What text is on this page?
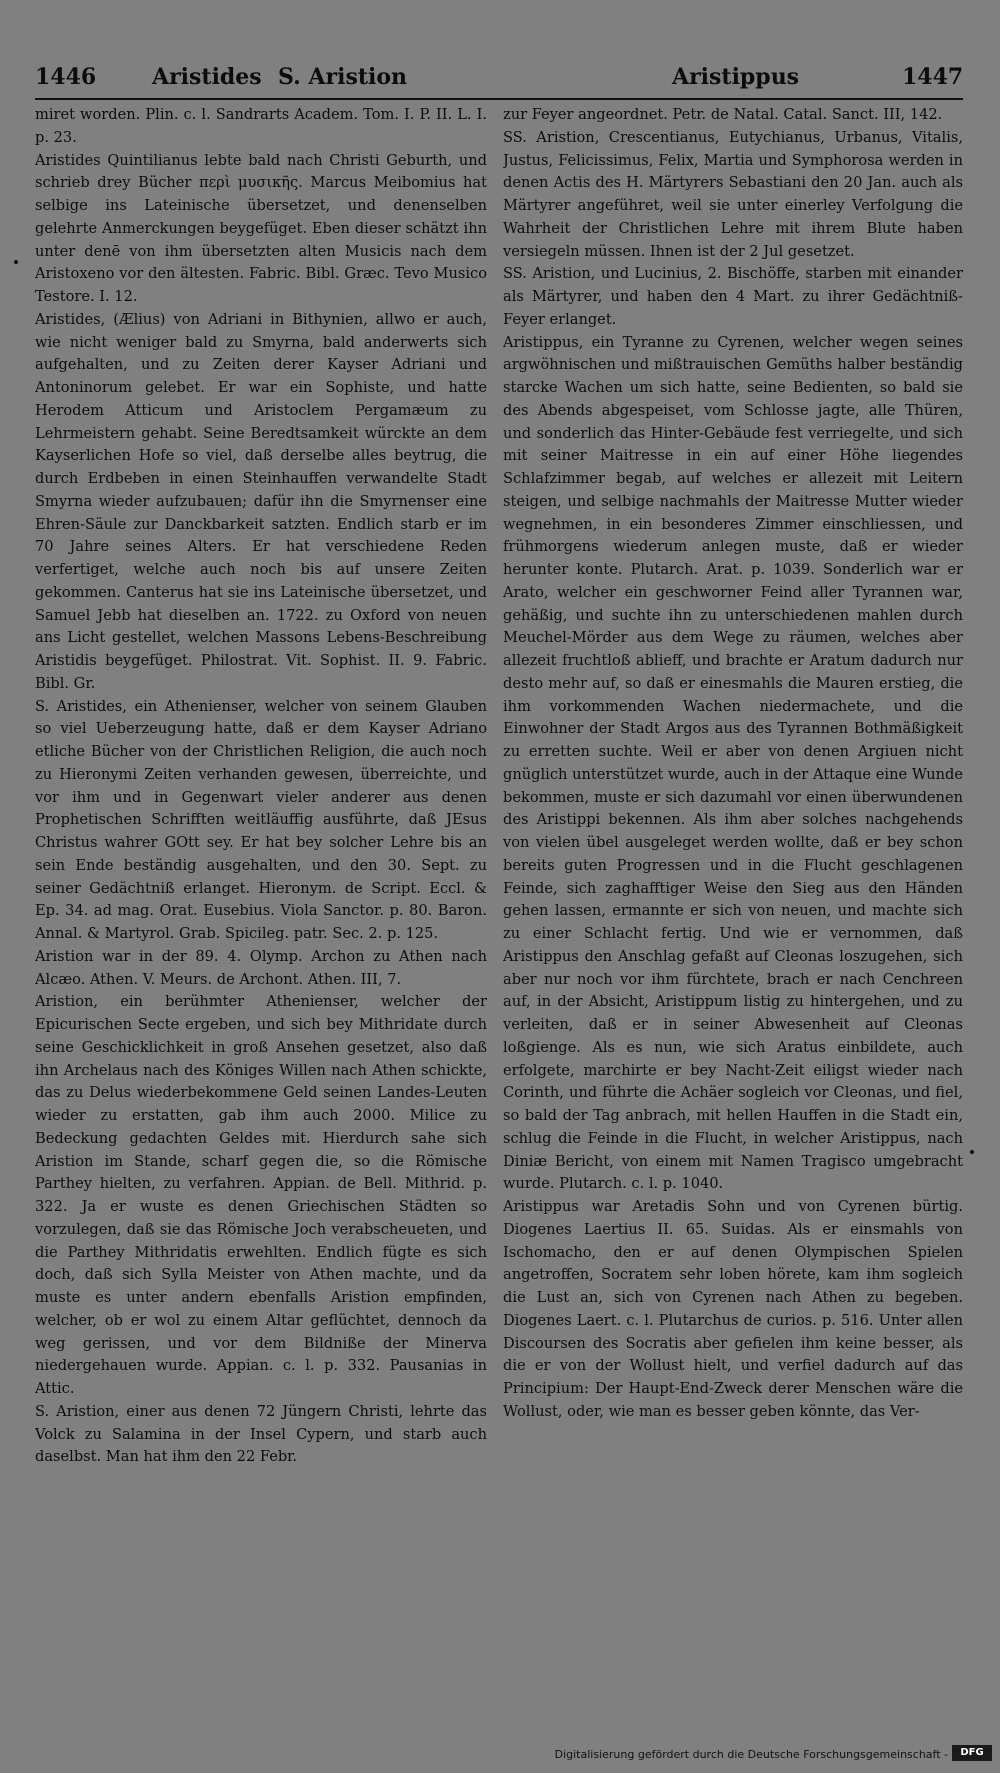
1446	Aristides S. Aristion	Aristippus	1447

miret worden. Plin. c. l. Sandrarts Academ. Tom. I. P. II. L. I. p. 23.

Aristides Quintilianus lebte bald nach Christi Geburth, und schrieb drey Bücher περὶ μυσικῆς. Marcus Meibomius hat selbige ins Lateinische übersetzet, und denenselben gelehrte Anmerckungen beygefüget. Eben dieser schätzt ihn unter denē von ihm übersetzten alten Musicis nach dem Aristoxeno vor den ältesten. Fabric. Bibl. Græc. Tevo Musico Testore. I. 12.

Aristides, (Ælius) von Adriani in Bithynien, allwo er auch, wie nicht weniger bald zu Smyrna, bald anderwerts sich aufgehalten, und zu Zeiten derer Kayser Adriani und Antoninorum gelebet. Er war ein Sophiste, und hatte Herodem Atticum und Aristoclem Pergamæum zu Lehrmeistern gehabt. Seine Beredtsamkeit würckte an dem Kayserlichen Hofe so viel, daß derselbe alles beytrug, die durch Erdbeben in einen Steinhauffen verwandelte Stadt Smyrna wieder aufzubauen; dafür ihn die Smyrnenser eine Ehren-Säule zur Danckbarkeit satzten. Endlich starb er im 70 Jahre seines Alters. Er hat verschiedene Reden verfertiget, welche auch noch bis auf unsere Zeiten gekommen. Canterus hat sie ins Lateinische übersetzet, und Samuel Jebb hat dieselben an. 1722. zu Oxford von neuen ans Licht gestellet, welchen Massons Lebens-Beschreibung Aristidis beygefüget. Philostrat. Vit. Sophist. II. 9. Fabric. Bibl. Gr.

S. Aristides, ein Athenienser, welcher von seinem Glauben so viel Ueberzeugung hatte, daß er dem Kayser Adriano etliche Bücher von der Christlichen Religion, die auch noch zu Hieronymi Zeiten verhanden gewesen, überreichte, und vor ihm und in Gegenwart vieler anderer aus denen Prophetischen Schrifften weitläuffig ausführte, daß JEsus Christus wahrer GOtt sey. Er hat bey solcher Lehre bis an sein Ende beständig ausgehalten, und den 30. Sept. zu seiner Gedächtniß erlanget. Hieronym. de Script. Eccl. & Ep. 34. ad mag. Orat. Eusebius. Viola Sanctor. p. 80. Baron. Annal. & Martyrol. Grab. Spicileg. patr. Sec. 2. p. 125.

Aristion war in der 89. 4. Olymp. Archon zu Athen nach Alcæo. Athen. V. Meurs. de Archont. Athen. III, 7.

Aristion, ein berühmter Athenienser, welcher der Epicurischen Secte ergeben, und sich bey Mithridate durch seine Geschicklichkeit in groß Ansehen gesetzet, also daß ihn Archelaus nach des Königes Willen nach Athen schickte, das zu Delus wiederbekommene Geld seinen Landes-Leuten wieder zu erstatten, gab ihm auch 2000. Milice zu Bedeckung gedachten Geldes mit. Hierdurch sahe sich Aristion im Stande, scharf gegen die, so die Römische Parthey hielten, zu verfahren. Appian. de Bell. Mithrid. p. 322. Ja er wuste es denen Griechischen Städten so vorzulegen, daß sie das Römische Joch verabscheueten, und die Parthey Mithridatis erwehlten. Endlich fügte es sich doch, daß sich Sylla Meister von Athen machte, und da muste es unter andern ebenfalls Aristion empfinden, welcher, ob er wol zu einem Altar geflüchtet, dennoch da weg gerissen, und vor dem Bildniße der Minerva niedergehauen wurde. Appian. c. l. p. 332. Pausanias in Attic.

S. Aristion, einer aus denen 72 Jüngern Christi, lehrte das Volck zu Salamina in der Insel Cypern, und starb auch daselbst. Man hat ihm den 22 Febr.

zur Feyer angeordnet. Petr. de Natal. Catal. Sanct. III, 142.

SS. Aristion, Crescentianus, Eutychianus, Urbanus, Vitalis, Justus, Felicissimus, Felix, Martia und Symphorosa werden in denen Actis des H. Märtyrers Sebastiani den 20 Jan. auch als Märtyrer angeführet, weil sie unter einerley Verfolgung die Wahrheit der Christlichen Lehre mit ihrem Blute haben versiegeln müssen. Ihnen ist der 2 Jul gesetzet.

SS. Aristion, und Lucinius, 2. Bischöffe, starben mit einander als Märtyrer, und haben den 4 Mart. zu ihrer Gedächtniß-Feyer erlanget.

Aristippus, ein Tyranne zu Cyrenen, welcher wegen seines argwöhnischen und mißtrauischen Gemüths halber beständig starcke Wachen um sich hatte, seine Bedienten, so bald sie des Abends abgespeiset, vom Schlosse jagte, alle Thüren, und sonderlich das Hinter-Gebäude fest verriegelte, und sich mit seiner Maitresse in ein auf einer Höhe liegendes Schlafzimmer begab, auf welches er allezeit mit Leitern steigen, und selbige nachmahls der Maitresse Mutter wieder wegnehmen, in ein besonderes Zimmer einschliessen, und frühmorgens wiederum anlegen muste, daß er wieder herunter konte. Plutarch. Arat. p. 1039. Sonderlich war er Arato, welcher ein geschworner Feind aller Tyrannen war, gehäßig, und suchte ihn zu unterschiedenen mahlen durch Meuchel-Mörder aus dem Wege zu räumen, welches aber allezeit fruchtloß ablieff, und brachte er Aratum dadurch nur desto mehr auf, so daß er einesmahls die Mauren erstieg, die ihm vorkommenden Wachen niedermachete, und die Einwohner der Stadt Argos aus des Tyrannen Bothmäßigkeit zu erretten suchte. Weil er aber von denen Argiuen nicht gnüglich unterstützet wurde, auch in der Attaque eine Wunde bekommen, muste er sich dazumahl vor einen überwundenen des Aristippi bekennen. Als ihm aber solches nachgehends von vielen übel ausgeleget werden wollte, daß er bey schon bereits guten Progressen und in die Flucht geschlagenen Feinde, sich zaghafftiger Weise den Sieg aus den Händen gehen lassen, ermannte er sich von neuen, und machte sich zu einer Schlacht fertig. Und wie er vernommen, daß Aristippus den Anschlag gefaßt auf Cleonas loszugehen, sich aber nur noch vor ihm fürchtete, brach er nach Cenchreen auf, in der Absicht, Aristippum listig zu hintergehen, und zu verleiten, daß er in seiner Abwesenheit auf Cleonas loßgienge. Als es nun, wie sich Aratus einbildete, auch erfolgete, marchirte er bey Nacht-Zeit eiligst wieder nach Corinth, und führte die Achäer sogleich vor Cleonas, und fiel, so bald der Tag anbrach, mit hellen Hauffen in die Stadt ein, schlug die Feinde in die Flucht, in welcher Aristippus, nach Diniæ Bericht, von einem mit Namen Tragisco umgebracht wurde. Plutarch. c. l. p. 1040.

Aristippus war Aretadis Sohn und von Cyrenen bürtig. Diogenes Laertius II. 65. Suidas. Als er einsmahls von Ischomacho, den er auf denen Olympischen Spielen angetroffen, Socratem sehr loben hörete, kam ihm sogleich die Lust an, sich von Cyrenen nach Athen zu begeben. Diogenes Laert. c. l. Plutarchus de curios. p. 516. Unter allen Discoursen des Socratis aber gefielen ihm keine besser, als die er von der Wollust hielt, und verfiel dadurch auf das Principium: Der Haupt-End-Zweck derer Menschen wäre die Wollust, oder, wie man es besser geben könnte, das Ver-

Digitalisierung gefördert durch die Deutsche Forschungsgemeinschaft -	DFG
